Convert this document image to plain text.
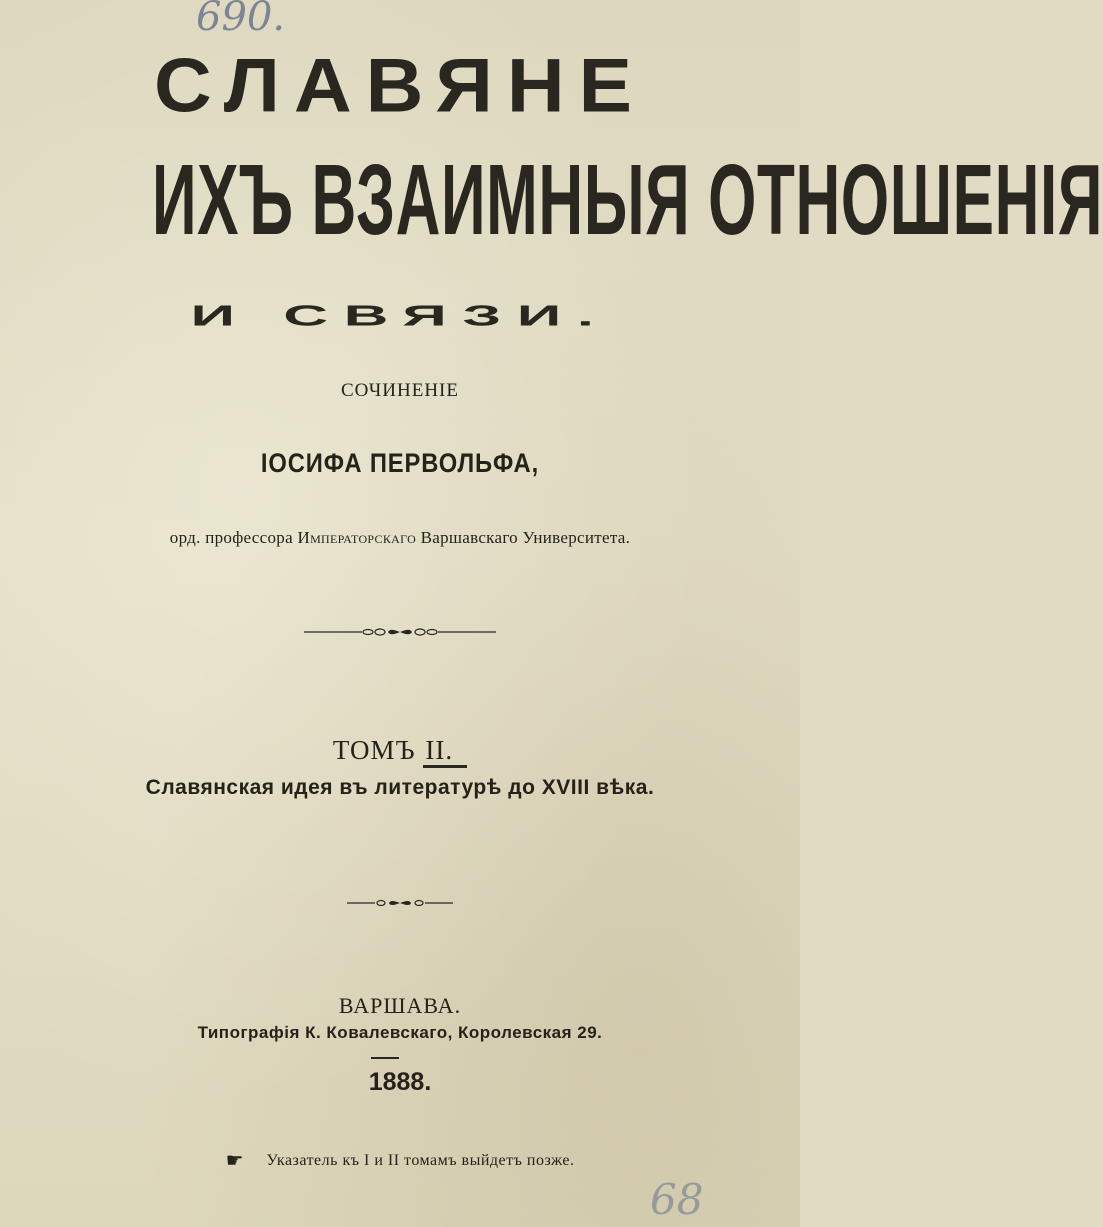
690.
68
СЛАВЯНЕ
ИХЪ ВЗАИМНЫЯ ОТНОШЕНІЯ
И СВЯЗИ.
СОЧИНЕНІЕ
ІОСИФА ПЕРВОЛЬФА,
орд. профессора Императорскаго Варшавскаго Университета.
ТОМЪ II.
Славянская идея въ литературѣ до XVIII вѣка.
ВАРШАВА.
Типографія К. Ковалевскаго, Королевская 29.
1888.
☛ Указатель къ I и II томамъ выйдетъ позже.
